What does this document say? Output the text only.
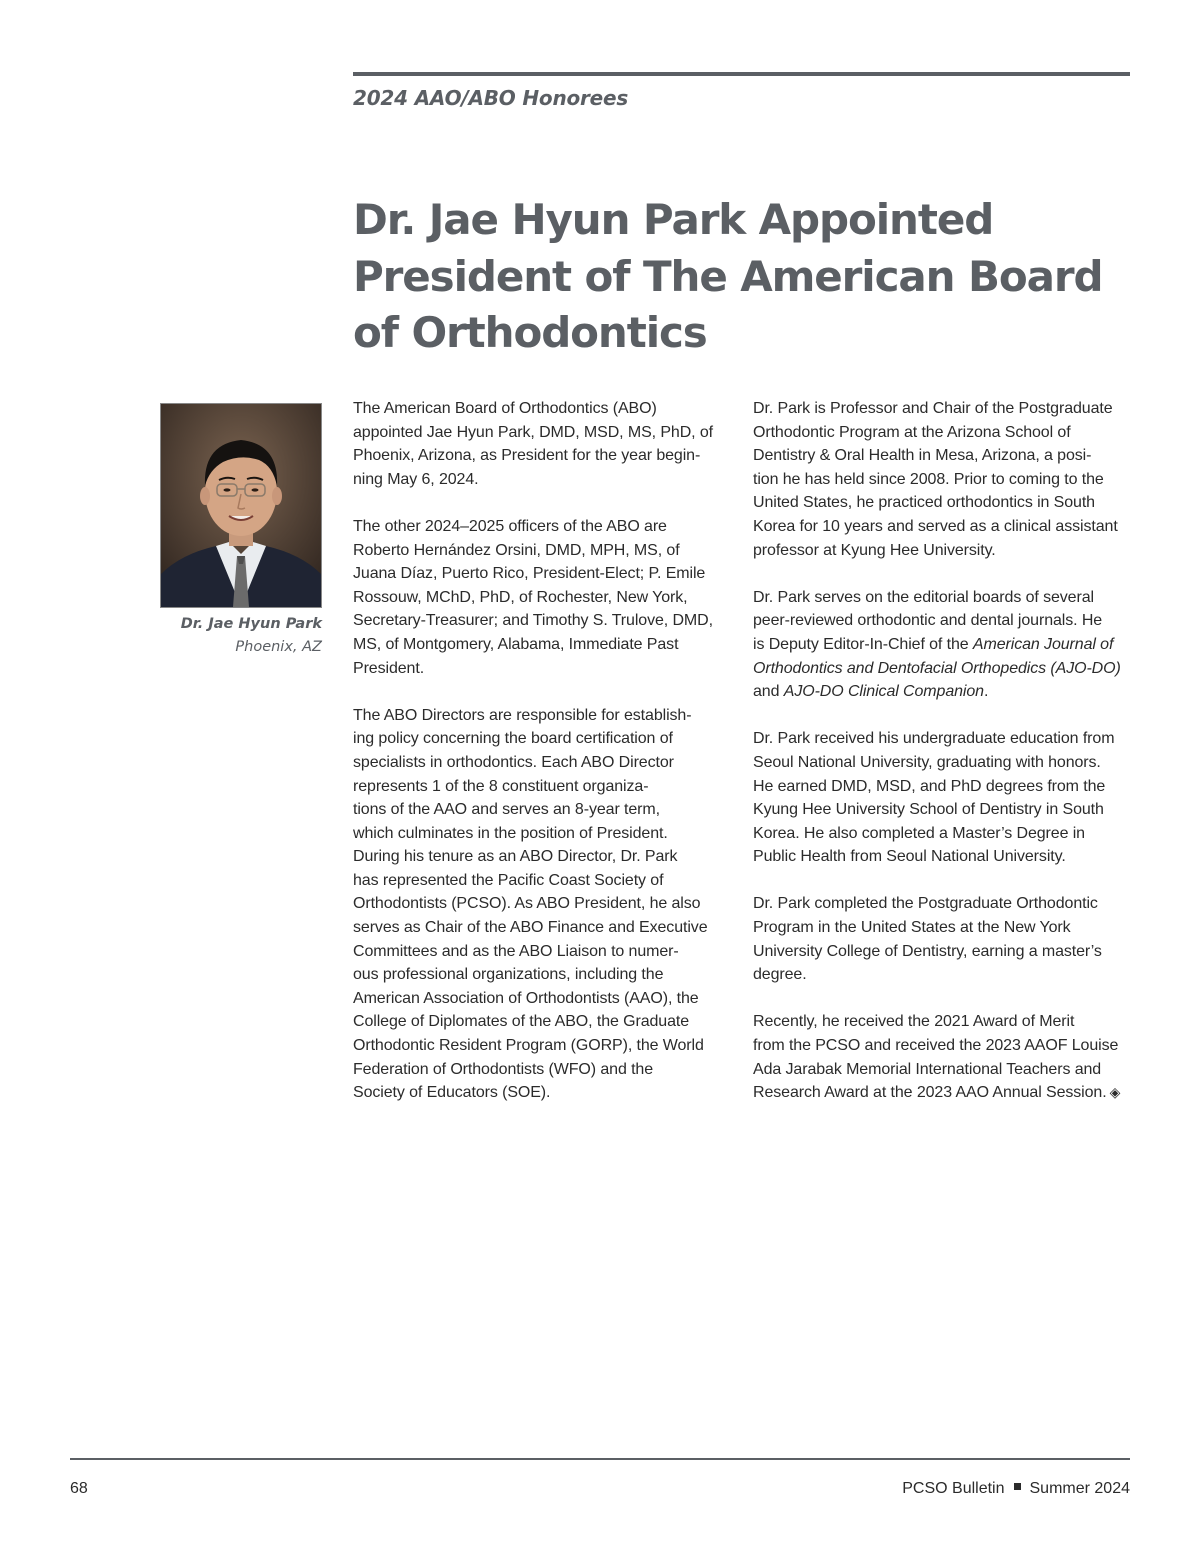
2024 AAO/ABO Honorees
Dr. Jae Hyun Park Appointed
President of The American Board
of Orthodontics
Dr. Jae Hyun Park
Phoenix, AZ

The American Board of Orthodontics (ABO)
appointed Jae Hyun Park, DMD, MSD, MS, PhD, of
Phoenix, Arizona, as President for the year begin-
ning May 6, 2024.

The other 2024–2025 officers of the ABO are
Roberto Hernández Orsini, DMD, MPH, MS, of
Juana Díaz, Puerto Rico, President-Elect; P. Emile
Rossouw, MChD, PhD, of Rochester, New York,
Secretary-Treasurer; and Timothy S. Trulove, DMD,
MS, of Montgomery, Alabama, Immediate Past
President.

The ABO Directors are responsible for establish-
ing policy concerning the board certification of
specialists in orthodontics. Each ABO Director
represents 1 of the 8 constituent organiza-
tions of the AAO and serves an 8-year term,
which culminates in the position of President.
During his tenure as an ABO Director, Dr. Park
has represented the Pacific Coast Society of
Orthodontists (PCSO). As ABO President, he also
serves as Chair of the ABO Finance and Executive
Committees and as the ABO Liaison to numer-
ous professional organizations, including the
American Association of Orthodontists (AAO), the
College of Diplomates of the ABO, the Graduate
Orthodontic Resident Program (GORP), the World
Federation of Orthodontists (WFO) and the
Society of Educators (SOE).

Dr. Park is Professor and Chair of the Postgraduate
Orthodontic Program at the Arizona School of
Dentistry & Oral Health in Mesa, Arizona, a posi-
tion he has held since 2008. Prior to coming to the
United States, he practiced orthodontics in South
Korea for 10 years and served as a clinical assistant
professor at Kyung Hee University.

Dr. Park serves on the editorial boards of several
peer-reviewed orthodontic and dental journals. He
is Deputy Editor-In-Chief of the American Journal of
Orthodontics and Dentofacial Orthopedics (AJO-DO)
and AJO-DO Clinical Companion.

Dr. Park received his undergraduate education from
Seoul National University, graduating with honors.
He earned DMD, MSD, and PhD degrees from the
Kyung Hee University School of Dentistry in South
Korea. He also completed a Master’s Degree in
Public Health from Seoul National University.

Dr. Park completed the Postgraduate Orthodontic
Program in the United States at the New York
University College of Dentistry, earning a master’s
degree.

Recently, he received the 2021 Award of Merit
from the PCSO and received the 2023 AAOF Louise
Ada Jarabak Memorial International Teachers and
Research Award at the 2023 AAO Annual Session. ◈

68	PCSO Bulletin Summer 2024
